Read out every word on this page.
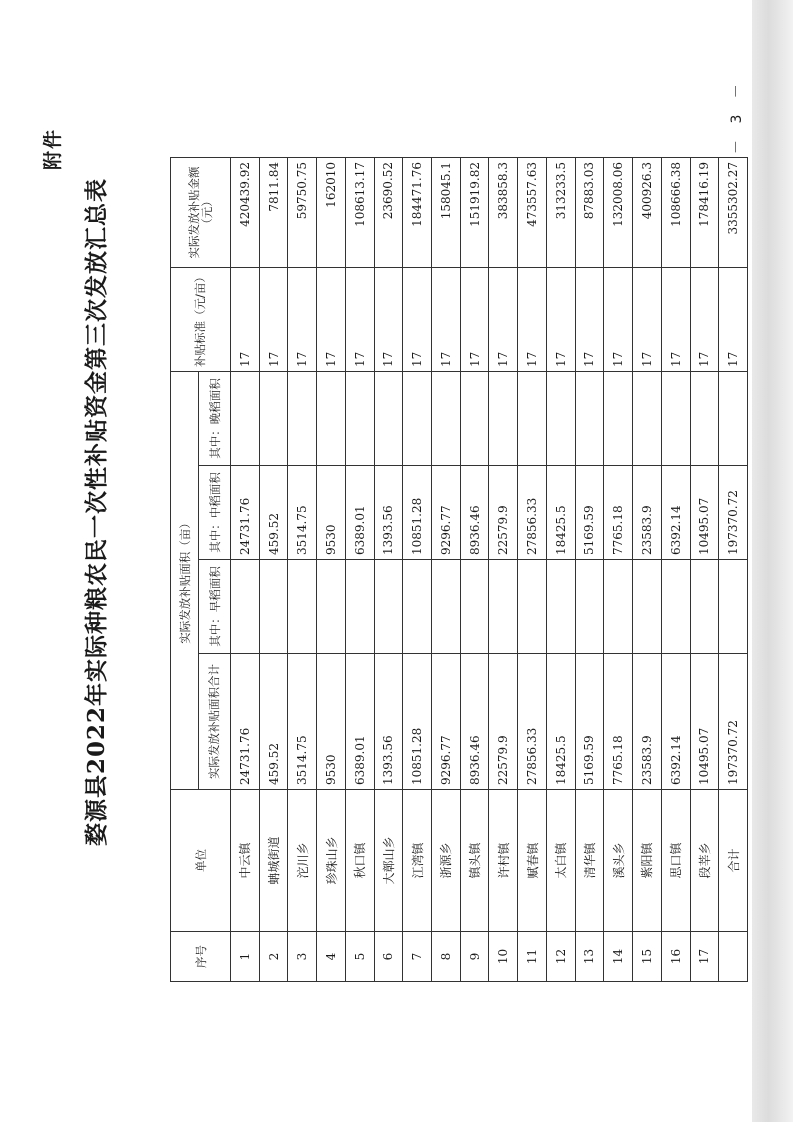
附件
婺源县2022年实际种粮农民一次性补贴资金第三次发放汇总表
序号	单位	实际发放补贴面积（亩）				补贴标准（元/亩）	实际发放补贴金额（元）
		实际发放补贴面积合计	其中：早稻面积	其中：中稻面积	其中：晚稻面积		
1	中云镇	24731.76		24731.76		17	420439.92
2	蚺城街道	459.52		459.52		17	7811.84
3	沱川乡	3514.75		3514.75		17	59750.75
4	珍珠山乡	9530		9530		17	162010
5	秋口镇	6389.01		6389.01		17	108613.17
6	大鄣山乡	1393.56		1393.56		17	23690.52
7	江湾镇	10851.28		10851.28		17	184471.76
8	浙源乡	9296.77		9296.77		17	158045.1
9	镇头镇	8936.46		8936.46		17	151919.82
10	许村镇	22579.9		22579.9		17	383858.3
11	赋春镇	27856.33		27856.33		17	473557.63
12	太白镇	18425.5		18425.5		17	313233.5
13	清华镇	5169.59		5169.59		17	87883.03
14	溪头乡	7765.18		7765.18		17	132008.06
15	紫阳镇	23583.9		23583.9		17	400926.3
16	思口镇	6392.14		6392.14		17	108666.38
17	段莘乡	10495.07		10495.07		17	178416.19
	合计	197370.72		197370.72		17	3355302.27
－ 3 －
